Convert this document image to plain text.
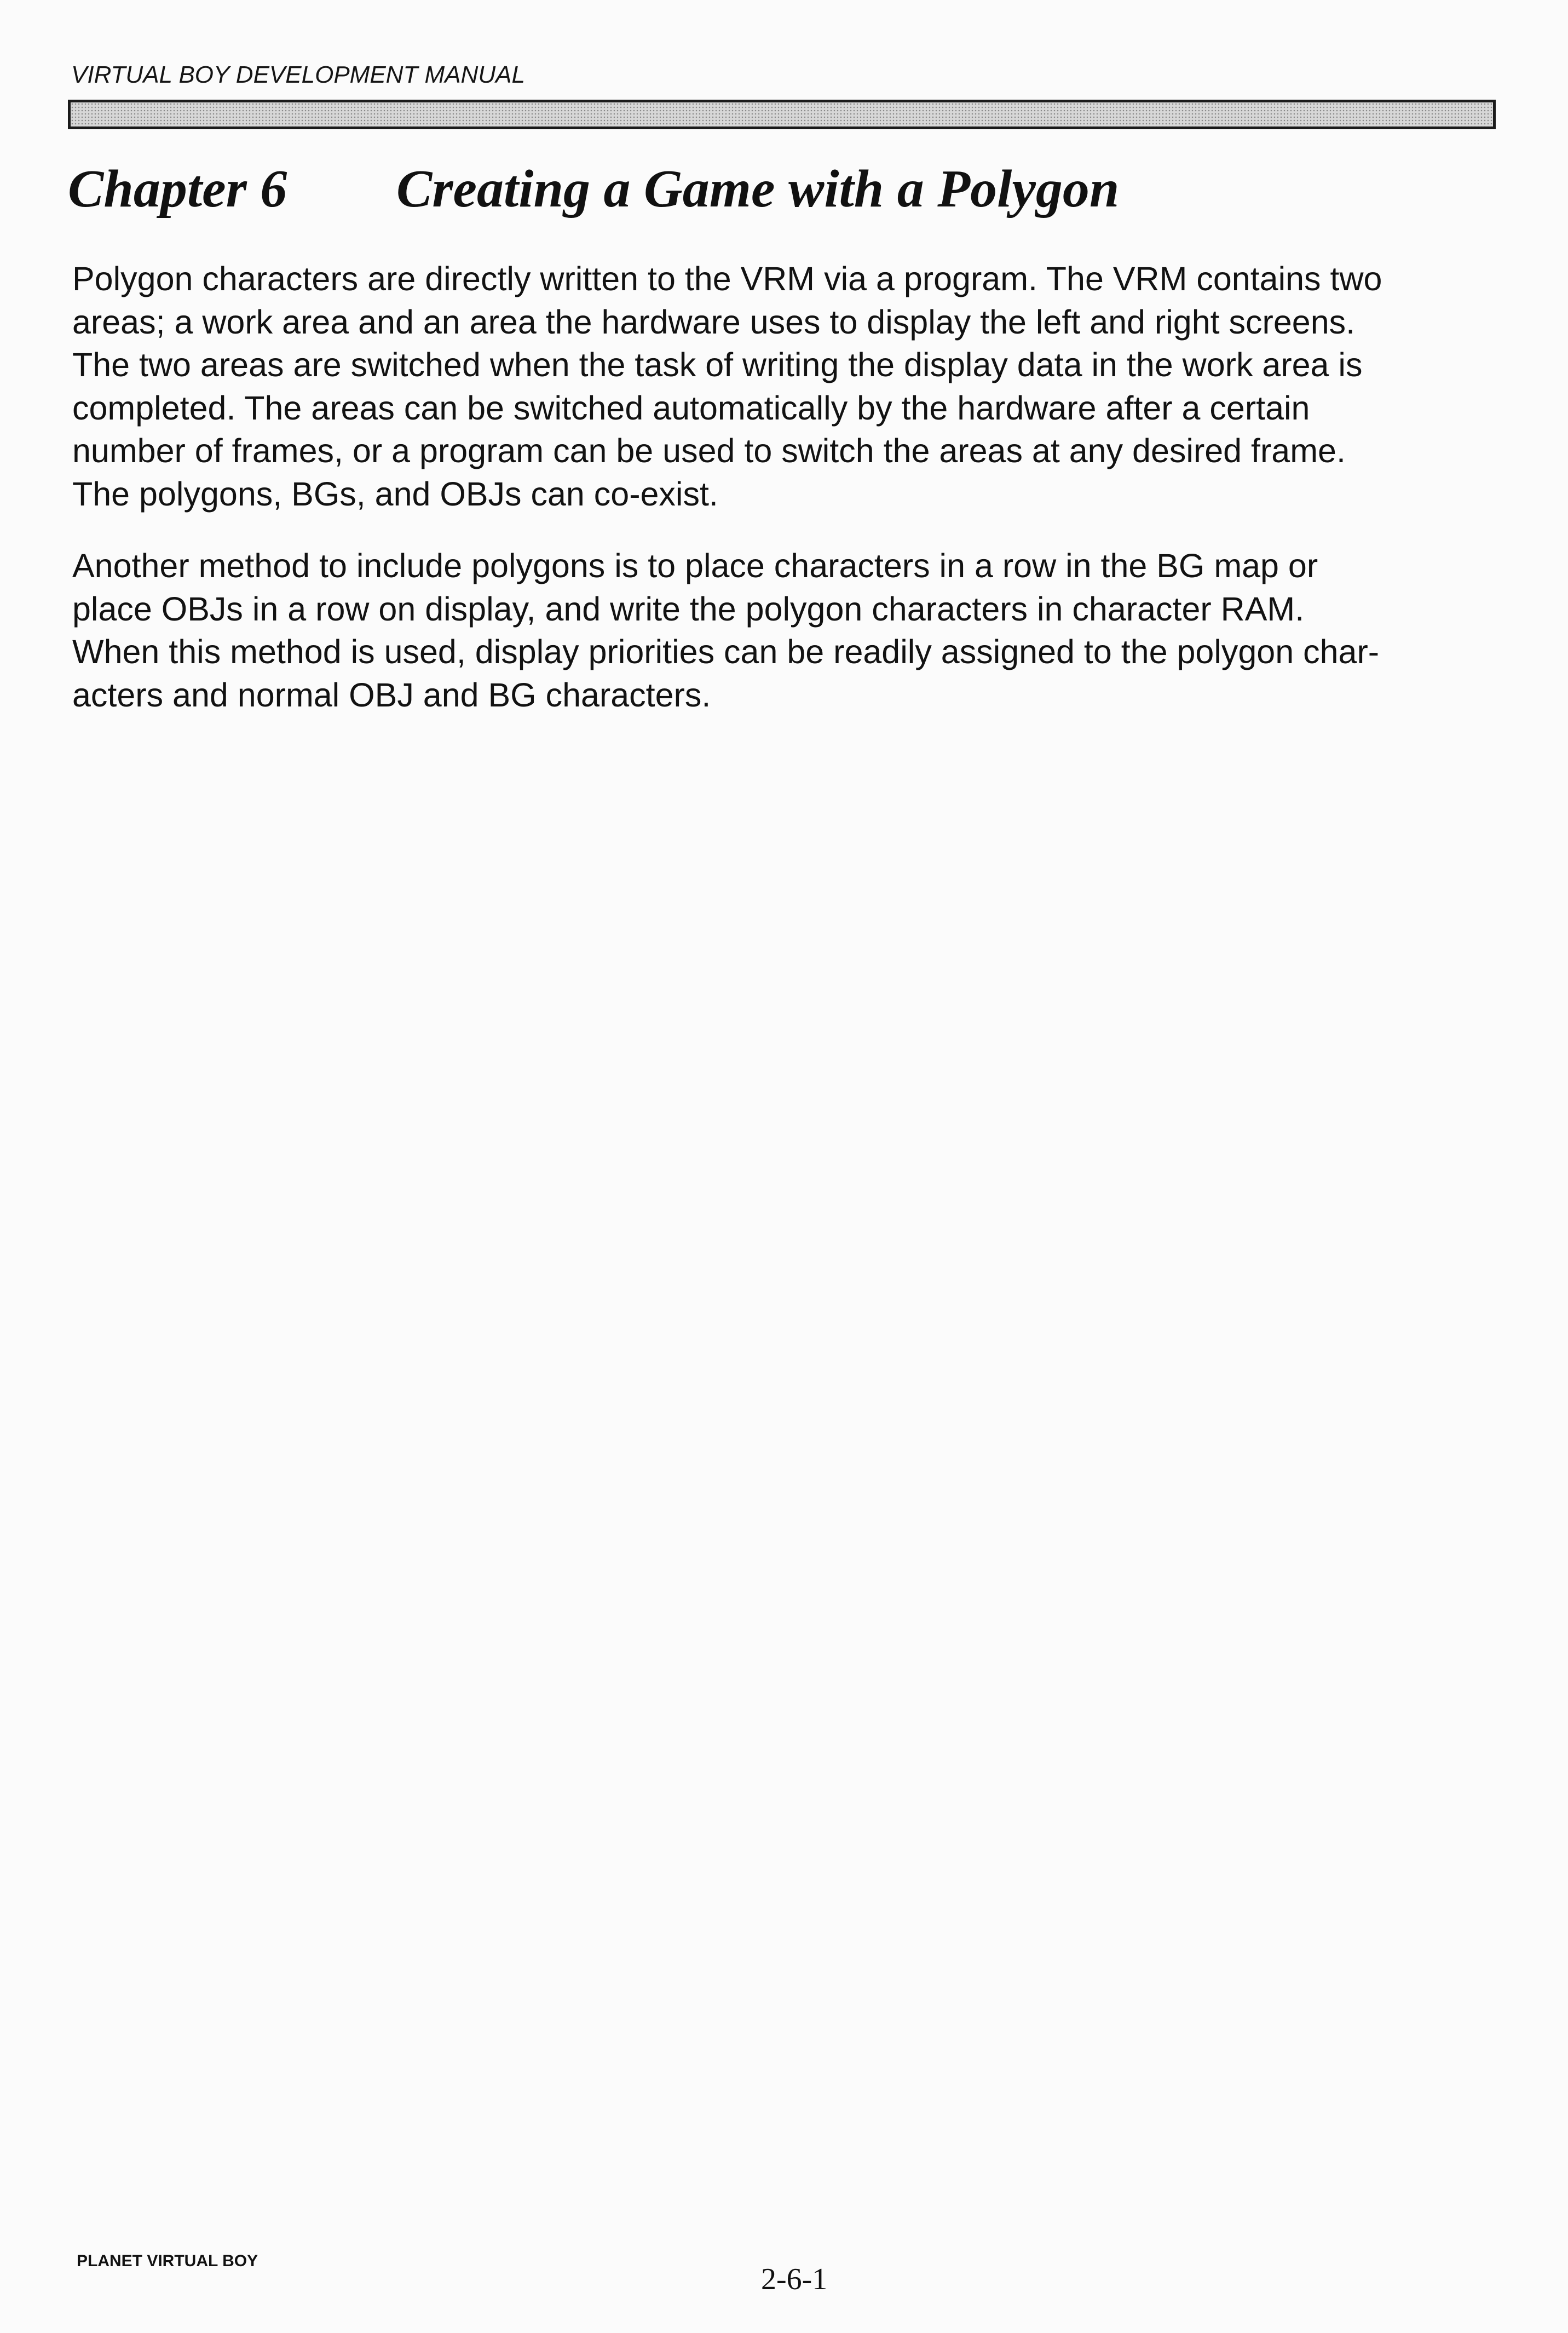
VIRTUAL BOY DEVELOPMENT MANUAL
Chapter 6 Creating a Game with a Polygon

Polygon characters are directly written to the VRM via a program. The VRM contains two
areas; a work area and an area the hardware uses to display the left and right screens.
The two areas are switched when the task of writing the display data in the work area is
completed. The areas can be switched automatically by the hardware after a certain
number of frames, or a program can be used to switch the areas at any desired frame.
The polygons, BGs, and OBJs can co-exist.

Another method to include polygons is to place characters in a row in the BG map or
place OBJs in a row on display, and write the polygon characters in character RAM.
When this method is used, display priorities can be readily assigned to the polygon char-
acters and normal OBJ and BG characters.

PLANET VIRTUAL BOY
2-6-1
